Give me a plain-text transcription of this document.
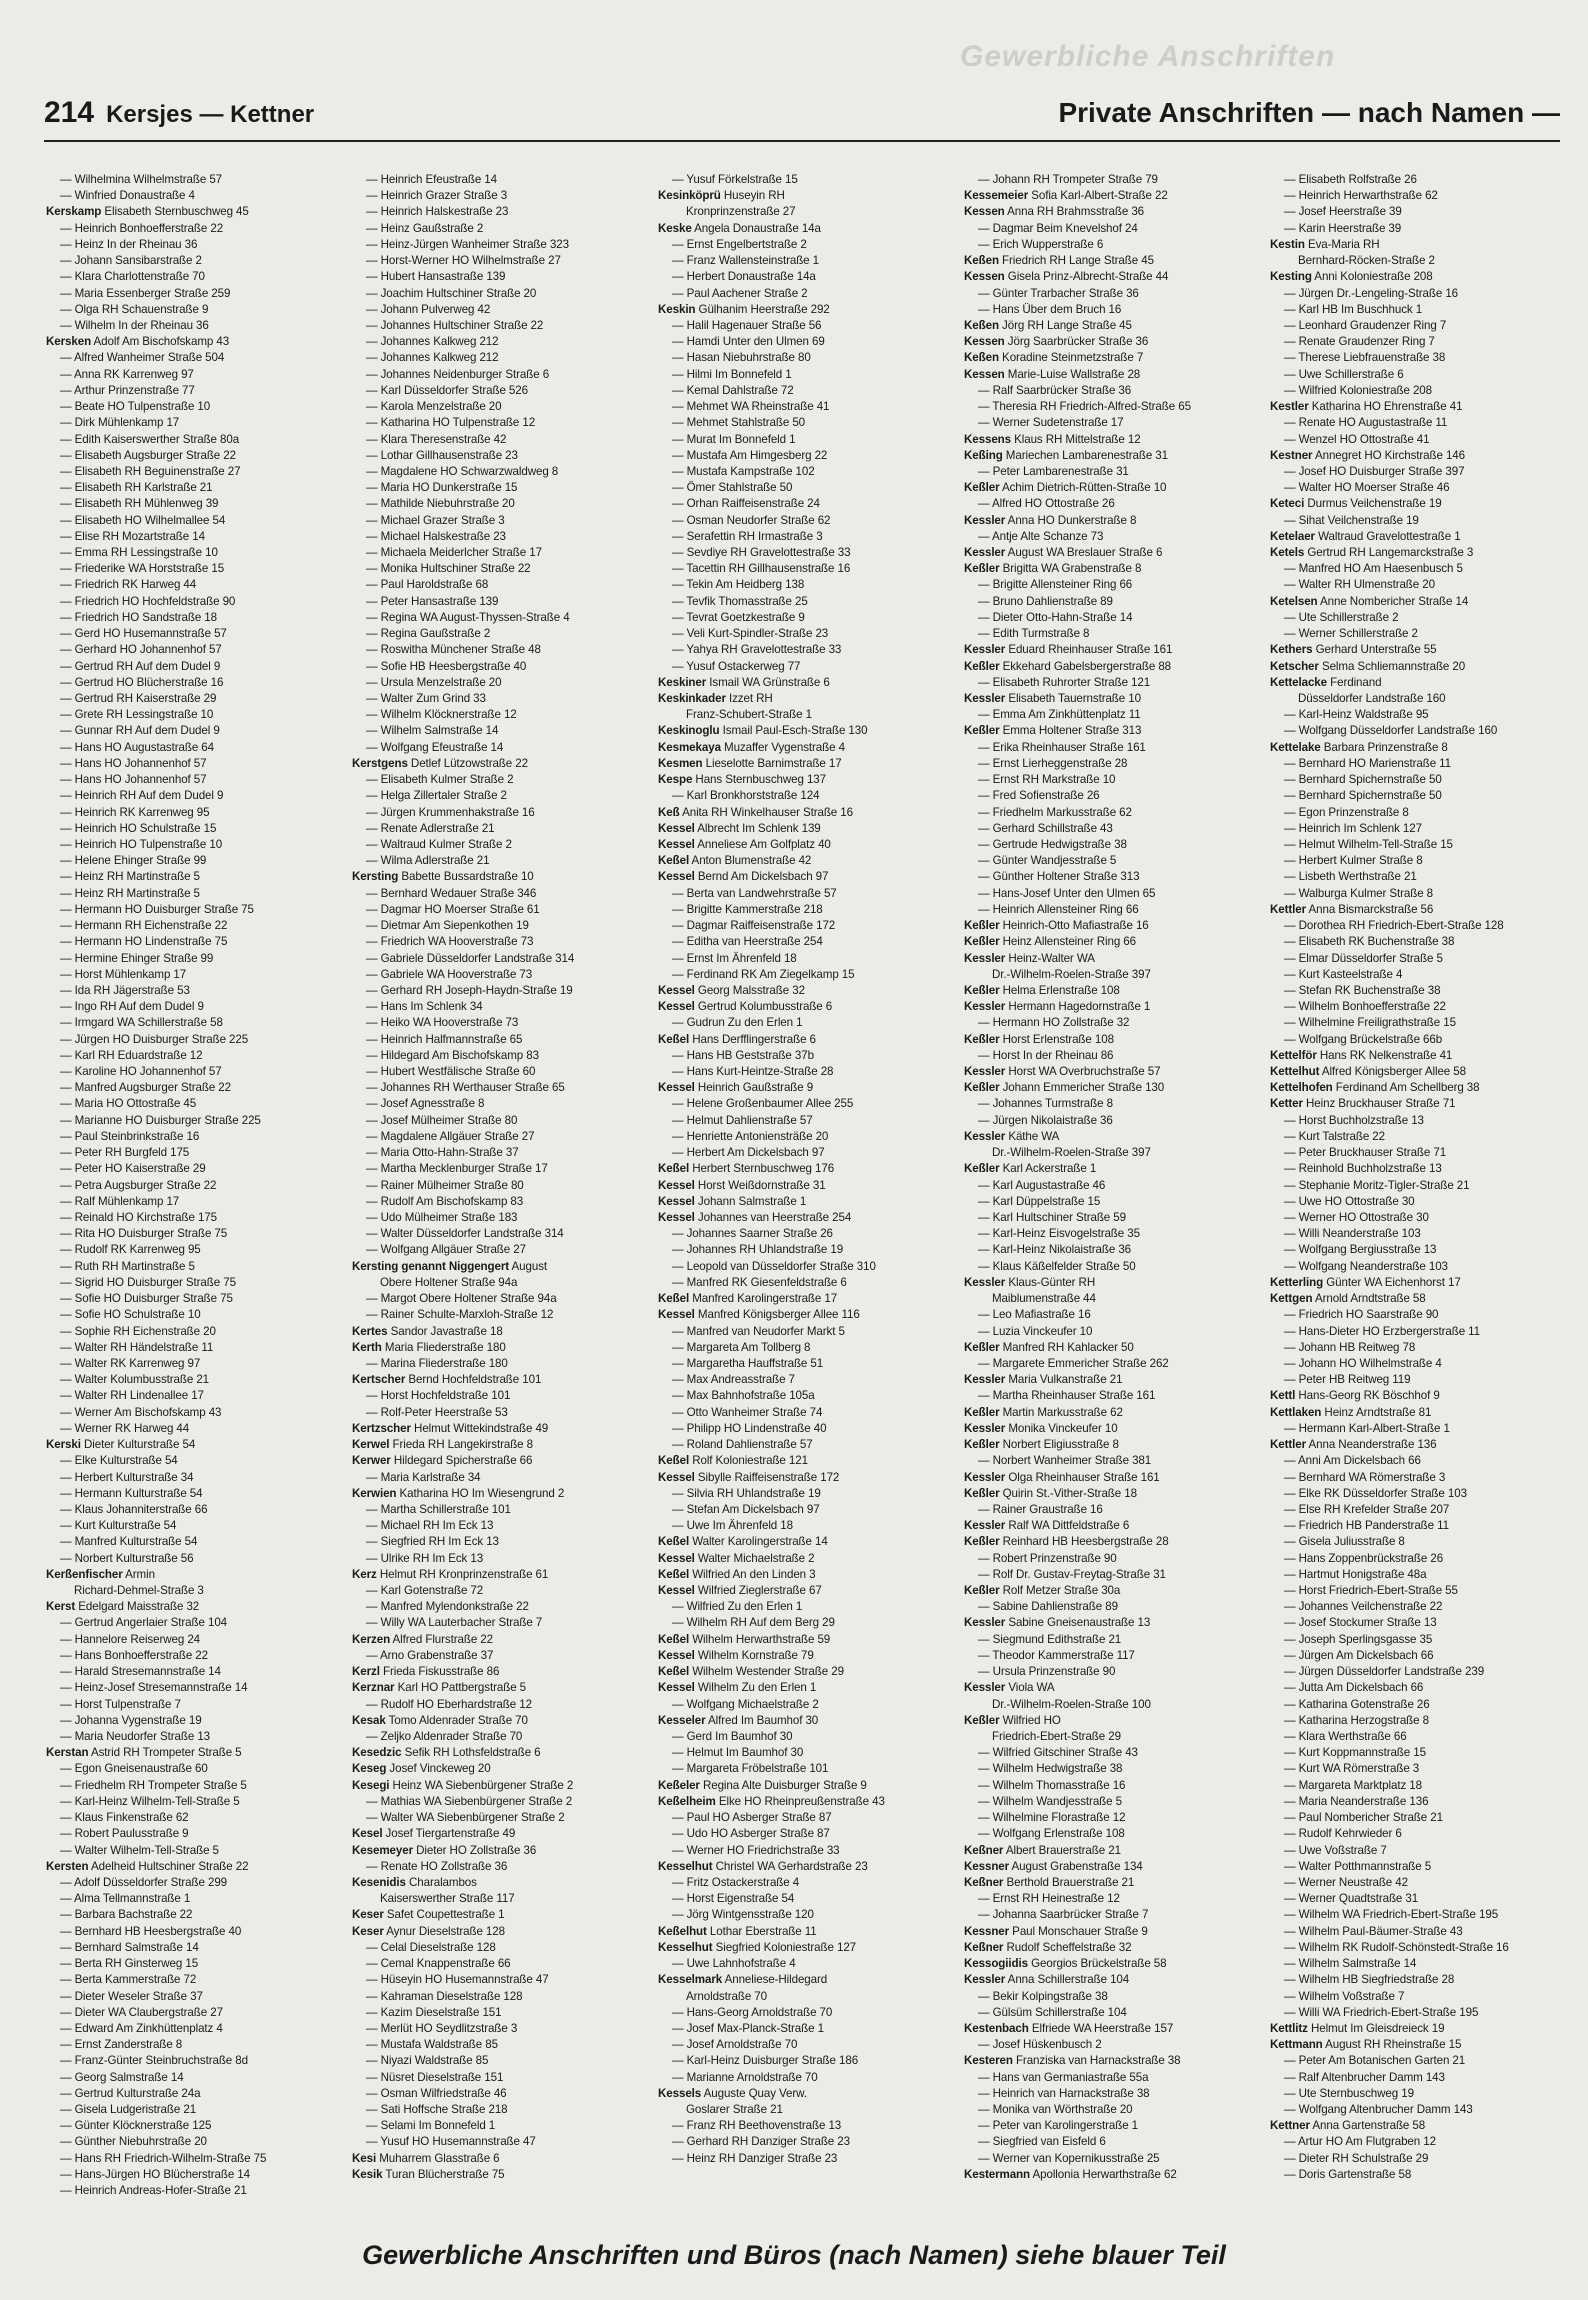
Gewerbliche Anschriften
214 Kersjes — Kettner	Private Anschriften — nach Namen —
— Wilhelmina Wilhelmstraße 57
— Winfried Donaustraße 4
Kerskamp Elisabeth Sternbuschweg 45
— Heinrich Bonhoefferstraße 22
— Heinz In der Rheinau 36
— Johann Sansibarstraße 2
— Klara Charlottenstraße 70
— Maria Essenberger Straße 259
— Olga RH Schauenstraße 9
— Wilhelm In der Rheinau 36
Kersken Adolf Am Bischofskamp 43
— Alfred Wanheimer Straße 504
— Anna RK Karrenweg 97
— Arthur Prinzenstraße 77
— Beate HO Tulpenstraße 10
— Dirk Mühlenkamp 17
— Edith Kaiserswerther Straße 80a
— Elisabeth Augsburger Straße 22
— Elisabeth RH Beguinenstraße 27
— Elisabeth RH Karlstraße 21
— Elisabeth RH Mühlenweg 39
— Elisabeth HO Wilhelmallee 54
— Elise RH Mozartstraße 14
— Emma RH Lessingstraße 10
— Friederike WA Horststraße 15
— Friedrich RK Harweg 44
— Friedrich HO Hochfeldstraße 90
— Friedrich HO Sandstraße 18
— Gerd HO Husemannstraße 57
— Gerhard HO Johannenhof 57
— Gertrud RH Auf dem Dudel 9
— Gertrud HO Blücherstraße 16
— Gertrud RH Kaiserstraße 29
— Grete RH Lessingstraße 10
— Gunnar RH Auf dem Dudel 9
— Hans HO Augustastraße 64
— Hans HO Johannenhof 57
— Hans HO Johannenhof 57
— Heinrich RH Auf dem Dudel 9
— Heinrich RK Karrenweg 95
— Heinrich HO Schulstraße 15
— Heinrich HO Tulpenstraße 10
— Helene Ehinger Straße 99
— Heinz RH Martinstraße 5
— Heinz RH Martinstraße 5
— Hermann HO Duisburger Straße 75
— Hermann RH Eichenstraße 22
— Hermann HO Lindenstraße 75
— Hermine Ehinger Straße 99
— Horst Mühlenkamp 17
— Ida RH Jägerstraße 53
— Ingo RH Auf dem Dudel 9
— Irmgard WA Schillerstraße 58
— Jürgen HO Duisburger Straße 225
— Karl RH Eduardstraße 12
— Karoline HO Johannenhof 57
— Manfred Augsburger Straße 22
— Maria HO Ottostraße 45
— Marianne HO Duisburger Straße 225
— Paul Steinbrinkstraße 16
— Peter RH Burgfeld 175
— Peter HO Kaiserstraße 29
— Petra Augsburger Straße 22
— Ralf Mühlenkamp 17
— Reinald HO Kirchstraße 175
— Rita HO Duisburger Straße 75
— Rudolf RK Karrenweg 95
— Ruth RH Martinstraße 5
— Sigrid HO Duisburger Straße 75
— Sofie HO Duisburger Straße 75
— Sofie HO Schulstraße 10
— Sophie RH Eichenstraße 20
— Walter RH Händelstraße 11
— Walter RK Karrenweg 97
— Walter Kolumbusstraße 21
— Walter RH Lindenallee 17
— Werner Am Bischofskamp 43
— Werner RK Harweg 44
Kerski Dieter Kulturstraße 54
— Elke Kulturstraße 54
— Herbert Kulturstraße 34
— Hermann Kulturstraße 54
— Klaus Johanniterstraße 66
— Kurt Kulturstraße 54
— Manfred Kulturstraße 54
— Norbert Kulturstraße 56
Kerßenfischer Armin
Richard-Dehmel-Straße 3
Kerst Edelgard Maisstraße 32
— Gertrud Angerlaier Straße 104
— Hannelore Reiserweg 24
— Hans Bonhoefferstraße 22
— Harald Stresemannstraße 14
— Heinz-Josef Stresemannstraße 14
— Horst Tulpenstraße 7
— Johanna Vygenstraße 19
— Maria Neudorfer Straße 13
Kerstan Astrid RH Trompeter Straße 5
— Egon Gneisenaustraße 60
— Friedhelm RH Trompeter Straße 5
— Karl-Heinz Wilhelm-Tell-Straße 5
— Klaus Finkenstraße 62
— Robert Paulusstraße 9
— Walter Wilhelm-Tell-Straße 5
Kersten Adelheid Hultschiner Straße 22
— Adolf Düsseldorfer Straße 299
— Alma Tellmannstraße 1
— Barbara Bachstraße 22
— Bernhard HB Heesbergstraße 40
— Bernhard Salmstraße 14
— Berta RH Ginsterweg 15
— Berta Kammerstraße 72
— Dieter Weseler Straße 37
— Dieter WA Claubergstraße 27
— Edward Am Zinkhüttenplatz 4
— Ernst Zanderstraße 8
— Franz-Günter Steinbruchstraße 8d
— Georg Salmstraße 14
— Gertrud Kulturstraße 24a
— Gisela Ludgeristraße 21
— Günter Klöcknerstraße 125
— Günther Niebuhrstraße 20
— Hans RH Friedrich-Wilhelm-Straße 75
— Hans-Jürgen HO Blücherstraße 14
— Heinrich Andreas-Hofer-Straße 21
— Heinrich Efeustraße 14
— Heinrich Grazer Straße 3
— Heinrich Halskestraße 23
— Heinz Gaußstraße 2
— Heinz-Jürgen Wanheimer Straße 323
— Horst-Werner HO Wilhelmstraße 27
— Hubert Hansastraße 139
— Joachim Hultschiner Straße 20
— Johann Pulverweg 42
— Johannes Hultschiner Straße 22
— Johannes Kalkweg 212
— Johannes Kalkweg 212
— Johannes Neidenburger Straße 6
— Karl Düsseldorfer Straße 526
— Karola Menzelstraße 20
— Katharina HO Tulpenstraße 12
— Klara Theresenstraße 42
— Lothar Gillhausenstraße 23
— Magdalene HO Schwarzwaldweg 8
— Maria HO Dunkerstraße 15
— Mathilde Niebuhrstraße 20
— Michael Grazer Straße 3
— Michael Halskestraße 23
— Michaela Meiderlcher Straße 17
— Monika Hultschiner Straße 22
— Paul Haroldstraße 68
— Peter Hansastraße 139
— Regina WA August-Thyssen-Straße 4
— Regina Gaußstraße 2
— Roswitha Münchener Straße 48
— Sofie HB Heesbergstraße 40
— Ursula Menzelstraße 20
— Walter Zum Grind 33
— Wilhelm Klöcknerstraße 12
— Wilhelm Salmstraße 14
— Wolfgang Efeustraße 14
Kerstgens Detlef Lützowstraße 22
— Elisabeth Kulmer Straße 2
— Helga Zillertaler Straße 2
— Jürgen Krummenhakstraße 16
— Renate Adlerstraße 21
— Waltraud Kulmer Straße 2
— Wilma Adlerstraße 21
Kersting Babette Bussardstraße 10
— Bernhard Wedauer Straße 346
— Dagmar HO Moerser Straße 61
— Dietmar Am Siepenkothen 19
— Friedrich WA Hooverstraße 73
— Gabriele Düsseldorfer Landstraße 314
— Gabriele WA Hooverstraße 73
— Gerhard RH Joseph-Haydn-Straße 19
— Hans Im Schlenk 34
— Heiko WA Hooverstraße 73
— Heinrich Halfmannstraße 65
— Hildegard Am Bischofskamp 83
— Hubert Westfälische Straße 60
— Johannes RH Werthauser Straße 65
— Josef Agnesstraße 8
— Josef Mülheimer Straße 80
— Magdalene Allgäuer Straße 27
— Maria Otto-Hahn-Straße 37
— Martha Mecklenburger Straße 17
— Rainer Mülheimer Straße 80
— Rudolf Am Bischofskamp 83
— Udo Mülheimer Straße 183
— Walter Düsseldorfer Landstraße 314
— Wolfgang Allgäuer Straße 27
Kersting genannt Niggengert August
Obere Holtener Straße 94a
— Margot Obere Holtener Straße 94a
— Rainer Schulte-Marxloh-Straße 12
Kertes Sandor Javastraße 18
Kerth Maria Fliederstraße 180
— Marina Fliederstraße 180
Kertscher Bernd Hochfeldstraße 101
— Horst Hochfeldstraße 101
— Rolf-Peter Heerstraße 53
Kertzscher Helmut Wittekindstraße 49
Kerwel Frieda RH Langekirstraße 8
Kerwer Hildegard Spicherstraße 66
— Maria Karlstraße 34
Kerwien Katharina HO Im Wiesengrund 2
— Martha Schillerstraße 101
— Michael RH Im Eck 13
— Siegfried RH Im Eck 13
— Ulrike RH Im Eck 13
Kerz Helmut RH Kronprinzenstraße 61
— Karl Gotenstraße 72
— Manfred Mylendonkstraße 22
— Willy WA Lauterbacher Straße 7
Kerzen Alfred Flurstraße 22
— Arno Grabenstraße 37
Kerzl Frieda Fiskusstraße 86
Kerznar Karl HO Pattbergstraße 5
— Rudolf HO Eberhardstraße 12
Kesak Tomo Aldenrader Straße 70
— Zeljko Aldenrader Straße 70
Kesedzic Sefik RH Lothsfeldstraße 6
Keseg Josef Vinckeweg 20
Kesegi Heinz WA Siebenbürgener Straße 2
— Mathias WA Siebenbürgener Straße 2
— Walter WA Siebenbürgener Straße 2
Kesel Josef Tiergartenstraße 49
Kesemeyer Dieter HO Zollstraße 36
— Renate HO Zollstraße 36
Kesenidis Charalambos
Kaiserswerther Straße 117
Keser Safet Coupettestraße 1
Keser Aynur Dieselstraße 128
— Celal Dieselstraße 128
— Cemal Knappenstraße 66
— Hüseyin HO Husemannstraße 47
— Kahraman Dieselstraße 128
— Kazim Dieselstraße 151
— Merlüt HO Seydlitzstraße 3
— Mustafa Waldstraße 85
— Niyazi Waldstraße 85
— Nüsret Dieselstraße 151
— Osman Wilfriedstraße 46
— Sati Hoffsche Straße 218
— Selami Im Bonnefeld 1
— Yusuf HO Husemannstraße 47
Kesi Muharrem Glasstraße 6
Kesik Turan Blücherstraße 75
— Yusuf Förkelstraße 15
Kesinköprü Huseyin RH
Kronprinzenstraße 27
Keske Angela Donaustraße 14a
— Ernst Engelbertstraße 2
— Franz Wallensteinstraße 1
— Herbert Donaustraße 14a
— Paul Aachener Straße 2
Keskin Gülhanim Heerstraße 292
— Halil Hagenauer Straße 56
— Hamdi Unter den Ulmen 69
— Hasan Niebuhrstraße 80
— Hilmi Im Bonnefeld 1
— Kemal Dahlstraße 72
— Mehmet WA Rheinstraße 41
— Mehmet Stahlstraße 50
— Murat Im Bonnefeld 1
— Mustafa Am Himgesberg 22
— Mustafa Kampstraße 102
— Ömer Stahlstraße 50
— Orhan Raiffeisenstraße 24
— Osman Neudorfer Straße 62
— Serafettin RH Irmastraße 3
— Sevdiye RH Gravelottestraße 33
— Tacettin RH Gillhausenstraße 16
— Tekin Am Heidberg 138
— Tevfik Thomasstraße 25
— Tevrat Goetzkestraße 9
— Veli Kurt-Spindler-Straße 23
— Yahya RH Gravelottestraße 33
— Yusuf Ostackerweg 77
Keskiner Ismail WA Grünstraße 6
Keskinkader Izzet RH
Franz-Schubert-Straße 1
Keskinoglu Ismail Paul-Esch-Straße 130
Kesmekaya Muzaffer Vygenstraße 4
Kesmen Lieselotte Barnimstraße 17
Kespe Hans Sternbuschweg 137
— Karl Bronkhorststraße 124
Keß Anita RH Winkelhauser Straße 16
Kessel Albrecht Im Schlenk 139
Kessel Anneliese Am Golfplatz 40
Keßel Anton Blumenstraße 42
Kessel Bernd Am Dickelsbach 97
— Berta van Landwehrstraße 57
— Brigitte Kammerstraße 218
— Dagmar Raiffeisenstraße 172
— Editha van Heerstraße 254
— Ernst Im Ährenfeld 18
— Ferdinand RK Am Ziegelkamp 15
Kessel Georg Malsstraße 32
Kessel Gertrud Kolumbusstraße 6
— Gudrun Zu den Erlen 1
Keßel Hans Derfflingerstraße 6
— Hans HB Geststraße 37b
— Hans Kurt-Heintze-Straße 28
Kessel Heinrich Gaußstraße 9
— Helene Großenbaumer Allee 255
— Helmut Dahlienstraße 57
— Henriette Antoniensträße 20
— Herbert Am Dickelsbach 97
Keßel Herbert Sternbuschweg 176
Kessel Horst Weißdornstraße 31
Kessel Johann Salmstraße 1
Kessel Johannes van Heerstraße 254
— Johannes Saarner Straße 26
— Johannes RH Uhlandstraße 19
— Leopold van Düsseldorfer Straße 310
— Manfred RK Giesenfeldstraße 6
Keßel Manfred Karolingerstraße 17
Kessel Manfred Königsberger Allee 116
— Manfred van Neudorfer Markt 5
— Margareta Am Tollberg 8
— Margaretha Hauffstraße 51
— Max Andreasstraße 7
— Max Bahnhofstraße 105a
— Otto Wanheimer Straße 74
— Philipp HO Lindenstraße 40
— Roland Dahlienstraße 57
Keßel Rolf Koloniestraße 121
Kessel Sibylle Raiffeisenstraße 172
— Silvia RH Uhlandstraße 19
— Stefan Am Dickelsbach 97
— Uwe Im Ährenfeld 18
Keßel Walter Karolingerstraße 14
Kessel Walter Michaelstraße 2
Keßel Wilfried An den Linden 3
Kessel Wilfried Zieglerstraße 67
— Wilfried Zu den Erlen 1
— Wilhelm RH Auf dem Berg 29
Keßel Wilhelm Herwarthstraße 59
Kessel Wilhelm Kornstraße 79
Keßel Wilhelm Westender Straße 29
Kessel Wilhelm Zu den Erlen 1
— Wolfgang Michaelstraße 2
Kesseler Alfred Im Baumhof 30
— Gerd Im Baumhof 30
— Helmut Im Baumhof 30
— Margareta Fröbelstraße 101
Keßeler Regina Alte Duisburger Straße 9
Keßelheim Elke HO Rheinpreußenstraße 43
— Paul HO Asberger Straße 87
— Udo HO Asberger Straße 87
— Werner HO Friedrichstraße 33
Kesselhut Christel WA Gerhardstraße 23
— Fritz Ostackerstraße 4
— Horst Eigenstraße 54
— Jörg Wintgensstraße 120
Keßelhut Lothar Eberstraße 11
Kesselhut Siegfried Koloniestraße 127
— Uwe Lahnhofstraße 4
Kesselmark Anneliese-Hildegard
Arnoldstraße 70
— Hans-Georg Arnoldstraße 70
— Josef Max-Planck-Straße 1
— Josef Arnoldstraße 70
— Karl-Heinz Duisburger Straße 186
— Marianne Arnoldstraße 70
Kessels Auguste Quay Verw.
Goslarer Straße 21
— Franz RH Beethovenstraße 13
— Gerhard RH Danziger Straße 23
— Heinz RH Danziger Straße 23
— Johann RH Trompeter Straße 79
Kessemeier Sofia Karl-Albert-Straße 22
Kessen Anna RH Brahmsstraße 36
— Dagmar Beim Knevelshof 24
— Erich Wupperstraße 6
Keßen Friedrich RH Lange Straße 45
Kessen Gisela Prinz-Albrecht-Straße 44
— Günter Trarbacher Straße 36
— Hans Über dem Bruch 16
Keßen Jörg RH Lange Straße 45
Kessen Jörg Saarbrücker Straße 36
Keßen Koradine Steinmetzstraße 7
Kessen Marie-Luise Wallstraße 28
— Ralf Saarbrücker Straße 36
— Theresia RH Friedrich-Alfred-Straße 65
— Werner Sudetenstraße 17
Kessens Klaus RH Mittelstraße 12
Keßing Mariechen Lambarenestraße 31
— Peter Lambarenestraße 31
Keßler Achim Dietrich-Rütten-Straße 10
— Alfred HO Ottostraße 26
Kessler Anna HO Dunkerstraße 8
— Antje Alte Schanze 73
Kessler August WA Breslauer Straße 6
Keßler Brigitta WA Grabenstraße 8
— Brigitte Allensteiner Ring 66
— Bruno Dahlienstraße 89
— Dieter Otto-Hahn-Straße 14
— Edith Turmstraße 8
Kessler Eduard Rheinhauser Straße 161
Keßler Ekkehard Gabelsbergerstraße 88
— Elisabeth Ruhrorter Straße 121
Kessler Elisabeth Tauernstraße 10
— Emma Am Zinkhüttenplatz 11
Keßler Emma Holtener Straße 313
— Erika Rheinhauser Straße 161
— Ernst Lierheggenstraße 28
— Ernst RH Markstraße 10
— Fred Sofienstraße 26
— Friedhelm Markusstraße 62
— Gerhard Schillstraße 43
— Gertrude Hedwigstraße 38
— Günter Wandjesstraße 5
— Günther Holtener Straße 313
— Hans-Josef Unter den Ulmen 65
— Heinrich Allensteiner Ring 66
Keßler Heinrich-Otto Mafiastraße 16
Keßler Heinz Allensteiner Ring 66
Kessler Heinz-Walter WA
Dr.-Wilhelm-Roelen-Straße 397
Keßler Helma Erlenstraße 108
Kessler Hermann Hagedornstraße 1
— Hermann HO Zollstraße 32
Keßler Horst Erlenstraße 108
— Horst In der Rheinau 86
Kessler Horst WA Overbruchstraße 57
Keßler Johann Emmericher Straße 130
— Johannes Turmstraße 8
— Jürgen Nikolaistraße 36
Kessler Käthe WA
Dr.-Wilhelm-Roelen-Straße 397
Keßler Karl Ackerstraße 1
— Karl Augustastraße 46
— Karl Düppelstraße 15
— Karl Hultschiner Straße 59
— Karl-Heinz Eisvogelstraße 35
— Karl-Heinz Nikolaistraße 36
— Klaus Käßelfelder Straße 50
Kessler Klaus-Günter RH
Maiblumenstraße 44
— Leo Mafiastraße 16
— Luzia Vinckeufer 10
Keßler Manfred RH Kahlacker 50
— Margarete Emmericher Straße 262
Kessler Maria Vulkanstraße 21
— Martha Rheinhauser Straße 161
Keßler Martin Markusstraße 62
Kessler Monika Vinckeufer 10
Keßler Norbert Eligiusstraße 8
— Norbert Wanheimer Straße 381
Kessler Olga Rheinhauser Straße 161
Keßler Quirin St.-Vither-Straße 18
— Rainer Graustraße 16
Kessler Ralf WA Dittfeldstraße 6
Keßler Reinhard HB Heesbergstraße 28
— Robert Prinzenstraße 90
— Rolf Dr. Gustav-Freytag-Straße 31
Keßler Rolf Metzer Straße 30a
— Sabine Dahlienstraße 89
Kessler Sabine Gneisenaustraße 13
— Siegmund Edithstraße 21
— Theodor Kammerstraße 117
— Ursula Prinzenstraße 90
Kessler Viola WA
Dr.-Wilhelm-Roelen-Straße 100
Keßler Wilfried HO
Friedrich-Ebert-Straße 29
— Wilfried Gitschiner Straße 43
— Wilhelm Hedwigstraße 38
— Wilhelm Thomasstraße 16
— Wilhelm Wandjesstraße 5
— Wilhelmine Florastraße 12
— Wolfgang Erlenstraße 108
Keßner Albert Brauerstraße 21
Kessner August Grabenstraße 134
Keßner Berthold Brauerstraße 21
— Ernst RH Heinestraße 12
— Johanna Saarbrücker Straße 7
Kessner Paul Monschauer Straße 9
Keßner Rudolf Scheffelstraße 32
Kessogiidis Georgios Brückelstraße 58
Kessler Anna Schillerstraße 104
— Bekir Kolpingstraße 38
— Gülsüm Schillerstraße 104
Kestenbach Elfriede WA Heerstraße 157
— Josef Hüskenbusch 2
Kesteren Franziska van Harnackstraße 38
— Hans van Germaniastraße 55a
— Heinrich van Harnackstraße 38
— Monika van Wörthstraße 20
— Peter van Karolingerstraße 1
— Siegfried van Eisfeld 6
— Werner van Kopernikusstraße 25
Kestermann Apollonia Herwarthstraße 62
— Elisabeth Rolfstraße 26
— Heinrich Herwarthstraße 62
— Josef Heerstraße 39
— Karin Heerstraße 39
Kestin Eva-Maria RH
Bernhard-Röcken-Straße 2
Kesting Anni Koloniestraße 208
— Jürgen Dr.-Lengeling-Straße 16
— Karl HB Im Buschhuck 1
— Leonhard Graudenzer Ring 7
— Renate Graudenzer Ring 7
— Therese Liebfrauenstraße 38
— Uwe Schillerstraße 6
— Wilfried Koloniestraße 208
Kestler Katharina HO Ehrenstraße 41
— Renate HO Augustastraße 11
— Wenzel HO Ottostraße 41
Kestner Annegret HO Kirchstraße 146
— Josef HO Duisburger Straße 397
— Walter HO Moerser Straße 46
Keteci Durmus Veilchenstraße 19
— Sihat Veilchenstraße 19
Ketelaer Waltraud Gravelottestraße 1
Ketels Gertrud RH Langemarckstraße 3
— Manfred HO Am Haesenbusch 5
— Walter RH Ulmenstraße 20
Ketelsen Anne Nombericher Straße 14
— Ute Schillerstraße 2
— Werner Schillerstraße 2
Kethers Gerhard Unterstraße 55
Ketscher Selma Schliemannstraße 20
Kettelacke Ferdinand
Düsseldorfer Landstraße 160
— Karl-Heinz Waldstraße 95
— Wolfgang Düsseldorfer Landstraße 160
Kettelake Barbara Prinzenstraße 8
— Bernhard HO Marienstraße 11
— Bernhard Spichernstraße 50
— Bernhard Spichernstraße 50
— Egon Prinzenstraße 8
— Heinrich Im Schlenk 127
— Helmut Wilhelm-Tell-Straße 15
— Herbert Kulmer Straße 8
— Lisbeth Werthstraße 21
— Walburga Kulmer Straße 8
Kettler Anna Bismarckstraße 56
— Dorothea RH Friedrich-Ebert-Straße 128
— Elisabeth RK Buchenstraße 38
— Elmar Düsseldorfer Straße 5
— Kurt Kasteelstraße 4
— Stefan RK Buchenstraße 38
— Wilhelm Bonhoefferstraße 22
— Wilhelmine Freiligrathstraße 15
— Wolfgang Brückelstraße 66b
Kettelför Hans RK Nelkenstraße 41
Kettelhut Alfred Königsberger Allee 58
Kettelhofen Ferdinand Am Schellberg 38
Ketter Heinz Bruckhauser Straße 71
— Horst Buchholzstraße 13
— Kurt Talstraße 22
— Peter Bruckhauser Straße 71
— Reinhold Buchholzstraße 13
— Stephanie Moritz-Tigler-Straße 21
— Uwe HO Ottostraße 30
— Werner HO Ottostraße 30
— Willi Neanderstraße 103
— Wolfgang Bergiusstraße 13
— Wolfgang Neanderstraße 103
Ketterling Günter WA Eichenhorst 17
Kettgen Arnold Arndtstraße 58
— Friedrich HO Saarstraße 90
— Hans-Dieter HO Erzbergerstraße 11
— Johann HB Reitweg 78
— Johann HO Wilhelmstraße 4
— Peter HB Reitweg 119
Kettl Hans-Georg RK Böschhof 9
Kettlaken Heinz Arndtstraße 81
— Hermann Karl-Albert-Straße 1
Kettler Anna Neanderstraße 136
— Anni Am Dickelsbach 66
— Bernhard WA Römerstraße 3
— Elke RK Düsseldorfer Straße 103
— Else RH Krefelder Straße 207
— Friedrich HB Panderstraße 11
— Gisela Juliusstraße 8
— Hans Zoppenbrückstraße 26
— Hartmut Honigstraße 48a
— Horst Friedrich-Ebert-Straße 55
— Johannes Veilchenstraße 22
— Josef Stockumer Straße 13
— Joseph Sperlingsgasse 35
— Jürgen Am Dickelsbach 66
— Jürgen Düsseldorfer Landstraße 239
— Jutta Am Dickelsbach 66
— Katharina Gotenstraße 26
— Katharina Herzogstraße 8
— Klara Werthstraße 66
— Kurt Koppmannstraße 15
— Kurt WA Römerstraße 3
— Margareta Marktplatz 18
— Maria Neanderstraße 136
— Paul Nombericher Straße 21
— Rudolf Kehrwieder 6
— Uwe Voßstraße 7
— Walter Potthmannstraße 5
— Werner Neustraße 42
— Werner Quadtstraße 31
— Wilhelm WA Friedrich-Ebert-Straße 195
— Wilhelm Paul-Bäumer-Straße 43
— Wilhelm RK Rudolf-Schönstedt-Straße 16
— Wilhelm Salmstraße 14
— Wilhelm HB Siegfriedstraße 28
— Wilhelm Voßstraße 7
— Willi WA Friedrich-Ebert-Straße 195
Kettlitz Helmut Im Gleisdreieck 19
Kettmann August RH Rheinstraße 15
— Peter Am Botanischen Garten 21
— Ralf Altenbrucher Damm 143
— Ute Sternbuschweg 19
— Wolfgang Altenbrucher Damm 143
Kettner Anna Gartenstraße 58
— Artur HO Am Flutgraben 12
— Dieter RH Schulstraße 29
— Doris Gartenstraße 58
Gewerbliche Anschriften und Büros (nach Namen) siehe blauer Teil
